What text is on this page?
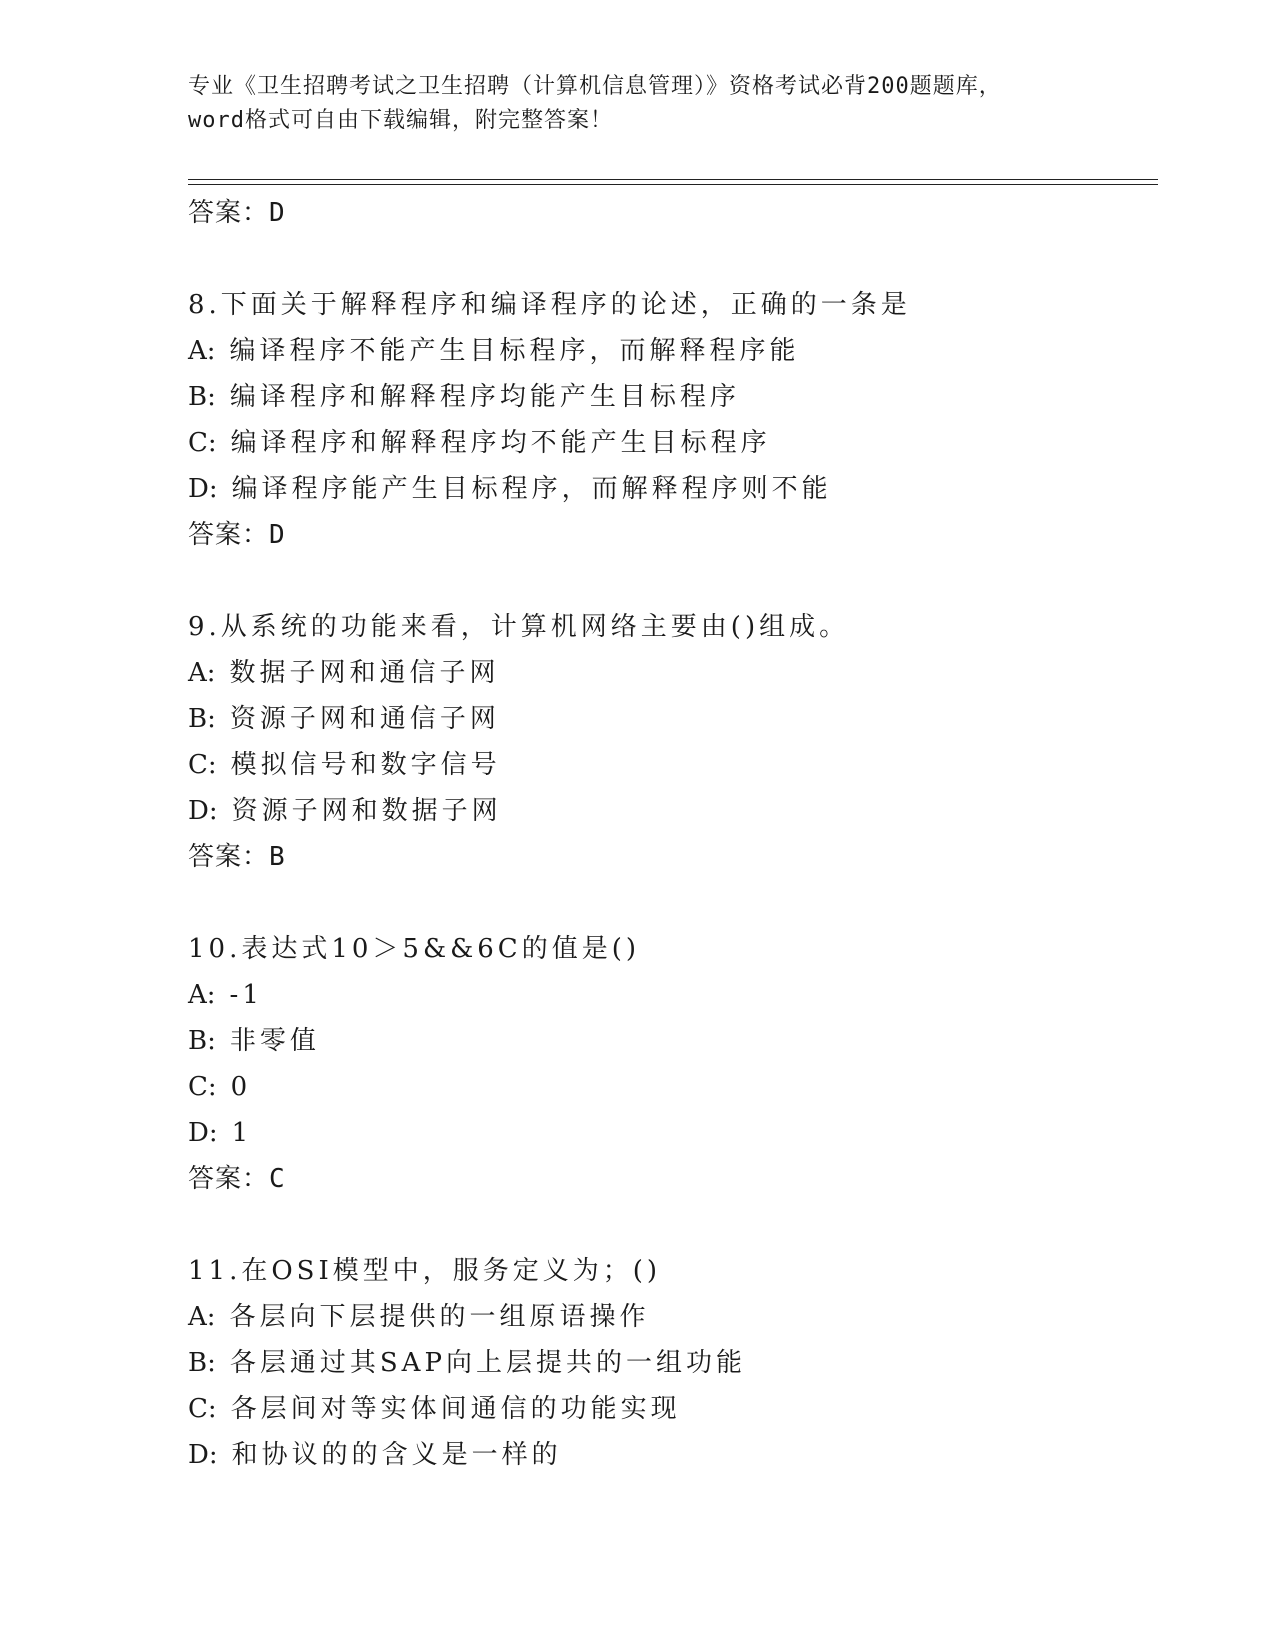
专业《卫生招聘考试之卫生招聘（计算机信息管理）》资格考试必背200题题库，
word格式可自由下载编辑，附完整答案！
答案：D
8.下面关于解释程序和编译程序的论述，正确的一条是
A: 编译程序不能产生目标程序，而解释程序能
B: 编译程序和解释程序均能产生目标程序
C: 编译程序和解释程序均不能产生目标程序
D: 编译程序能产生目标程序，而解释程序则不能
答案：D
9.从系统的功能来看，计算机网络主要由()组成。
A: 数据子网和通信子网
B: 资源子网和通信子网
C: 模拟信号和数字信号
D: 资源子网和数据子网
答案：B
10.表达式10＞5&&6C的值是()
A: -1
B: 非零值
C: 0
D: 1
答案：C
11.在OSI模型中，服务定义为；()
A: 各层向下层提供的一组原语操作
B: 各层通过其SAP向上层提共的一组功能
C: 各层间对等实体间通信的功能实现
D: 和协议的的含义是一样的
